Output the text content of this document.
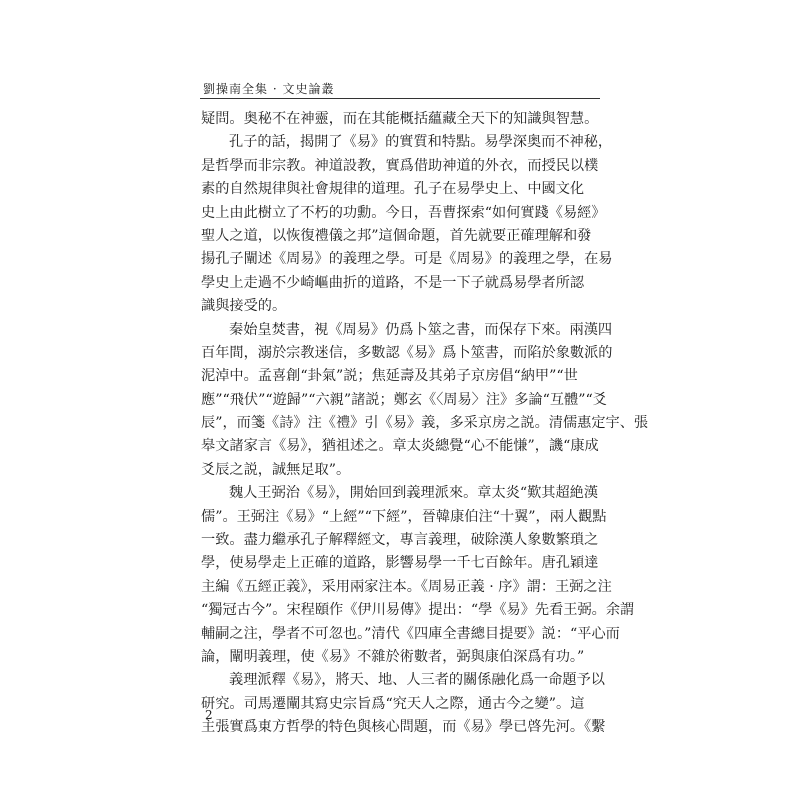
劉操南全集 · 文史論叢
疑問。奥秘不在神靈，而在其能概括蘊藏全天下的知識與智慧。
孔子的話，揭開了《易》的實質和特點。易學深奥而不神秘，
是哲學而非宗教。神道設教，實爲借助神道的外衣，而授民以樸
素的自然規律與社會規律的道理。孔子在易學史上、中國文化
史上由此樹立了不朽的功勳。今日，吾曹探索“如何實踐《易經》
聖人之道，以恢復禮儀之邦”這個命題，首先就要正確理解和發
揚孔子闡述《周易》的義理之學。可是《周易》的義理之學，在易
學史上走過不少崎嶇曲折的道路，不是一下子就爲易學者所認
識與接受的。
秦始皇焚書，視《周易》仍爲卜筮之書，而保存下來。兩漢四
百年間，溺於宗教迷信，多數認《易》爲卜筮書，而陷於象數派的
泥淖中。孟喜創“卦氣”説；焦延壽及其弟子京房倡“納甲”“世
應”“飛伏”“遊歸”“六親”諸説；鄭玄《〈周易〉注》多論“互體”“爻
辰”，而箋《詩》注《禮》引《易》義，多采京房之説。清儒惠定宇、張
皋文諸家言《易》，猶祖述之。章太炎總覺“心不能慊”，譏“康成
爻辰之説，誠無足取”。
魏人王弼治《易》，開始回到義理派來。章太炎“歎其超絶漢
儒”。王弼注《易》“上經”“下經”，晉韓康伯注“十翼”，兩人觀點
一致。盡力繼承孔子解釋經文，專言義理，破除漢人象數繁瑣之
學，使易學走上正確的道路，影響易學一千七百餘年。唐孔穎達
主編《五經正義》，采用兩家注本。《周易正義 · 序》謂：王弼之注
“獨冠古今”。宋程頤作《伊川易傳》提出：“學《易》先看王弼。余謂
輔嗣之注，學者不可忽也。”清代《四庫全書總目提要》説：“平心而
論，闡明義理，使《易》不雜於術數者，弼與康伯深爲有功。”
義理派釋《易》，將天、地、人三者的關係融化爲一命題予以
研究。司馬遷闡其寫史宗旨爲“究天人之際，通古今之變”。這
主張實爲東方哲學的特色與核心問題，而《易》學已啓先河。《繫
2
